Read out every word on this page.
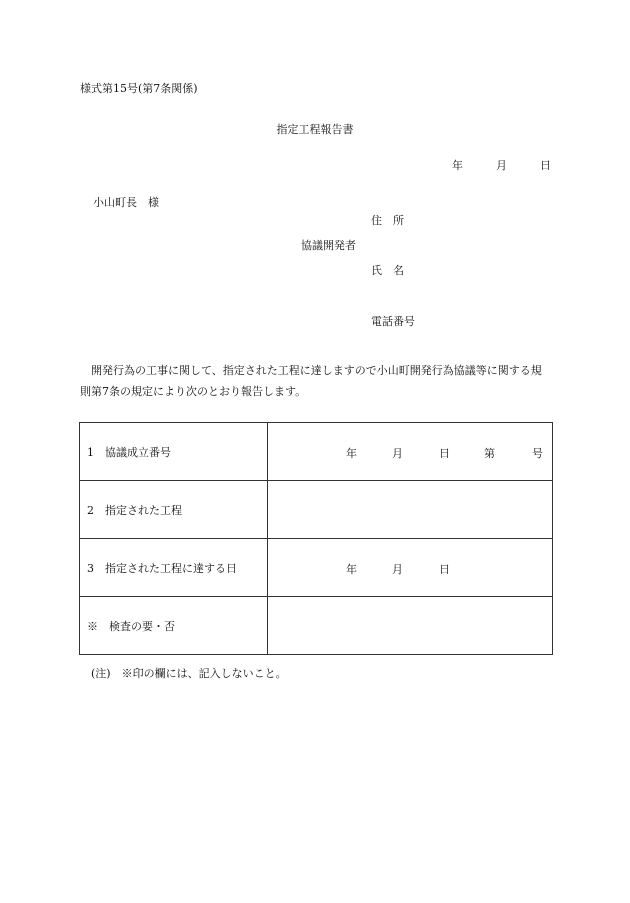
様式第15号(第7条関係)
指定工程報告書
年	月	日
小山町長　様
住　所
協議開発者
氏　名
電話番号
開発行為の工事に関して、指定された工程に達しますので小山町開発行為協議等に関する規則第7条の規定により次のとおり報告します。
1　協議成立番号	年 月 日 第 号

2　指定された工程	
3　指定された工程に達する日	年 月 日

※　検査の要・否	
(注)　※印の欄には、記入しないこと。
